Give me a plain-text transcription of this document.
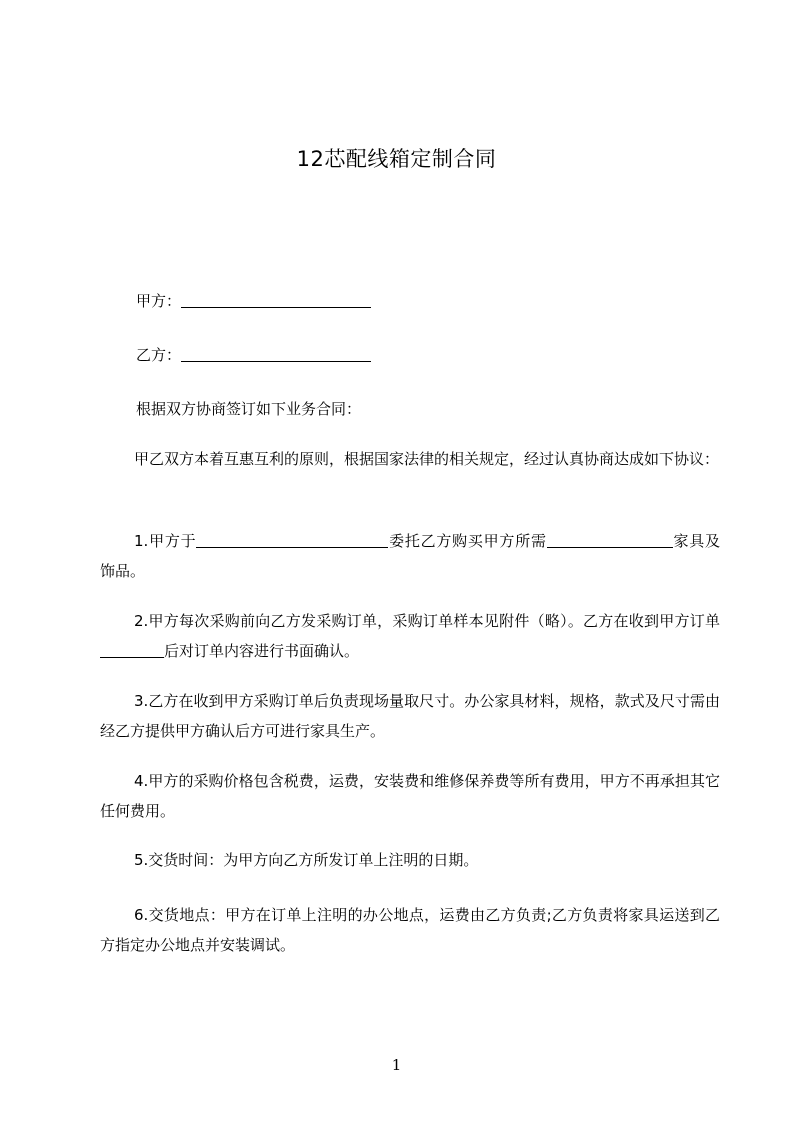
12芯配线箱定制合同
甲方：
乙方：
根据双方协商签订如下业务合同：
甲乙双方本着互惠互利的原则，根据国家法律的相关规定，经过认真协商达成如下协议：
1.甲方于	委托乙方购买甲方所需	家具及饰品。
2.甲方每次采购前向乙方发采购订单，采购订单样本见附件（略）。乙方在收到甲方订单后对订单内容进行书面确认。
3.乙方在收到甲方采购订单后负责现场量取尺寸。办公家具材料，规格，款式及尺寸需由经乙方提供甲方确认后方可进行家具生产。
4.甲方的采购价格包含税费，运费，安装费和维修保养费等所有费用，甲方不再承担其它任何费用。
5.交货时间：为甲方向乙方所发订单上注明的日期。
6.交货地点：甲方在订单上注明的办公地点，运费由乙方负责;乙方负责将家具运送到乙方指定办公地点并安装调试。
1
